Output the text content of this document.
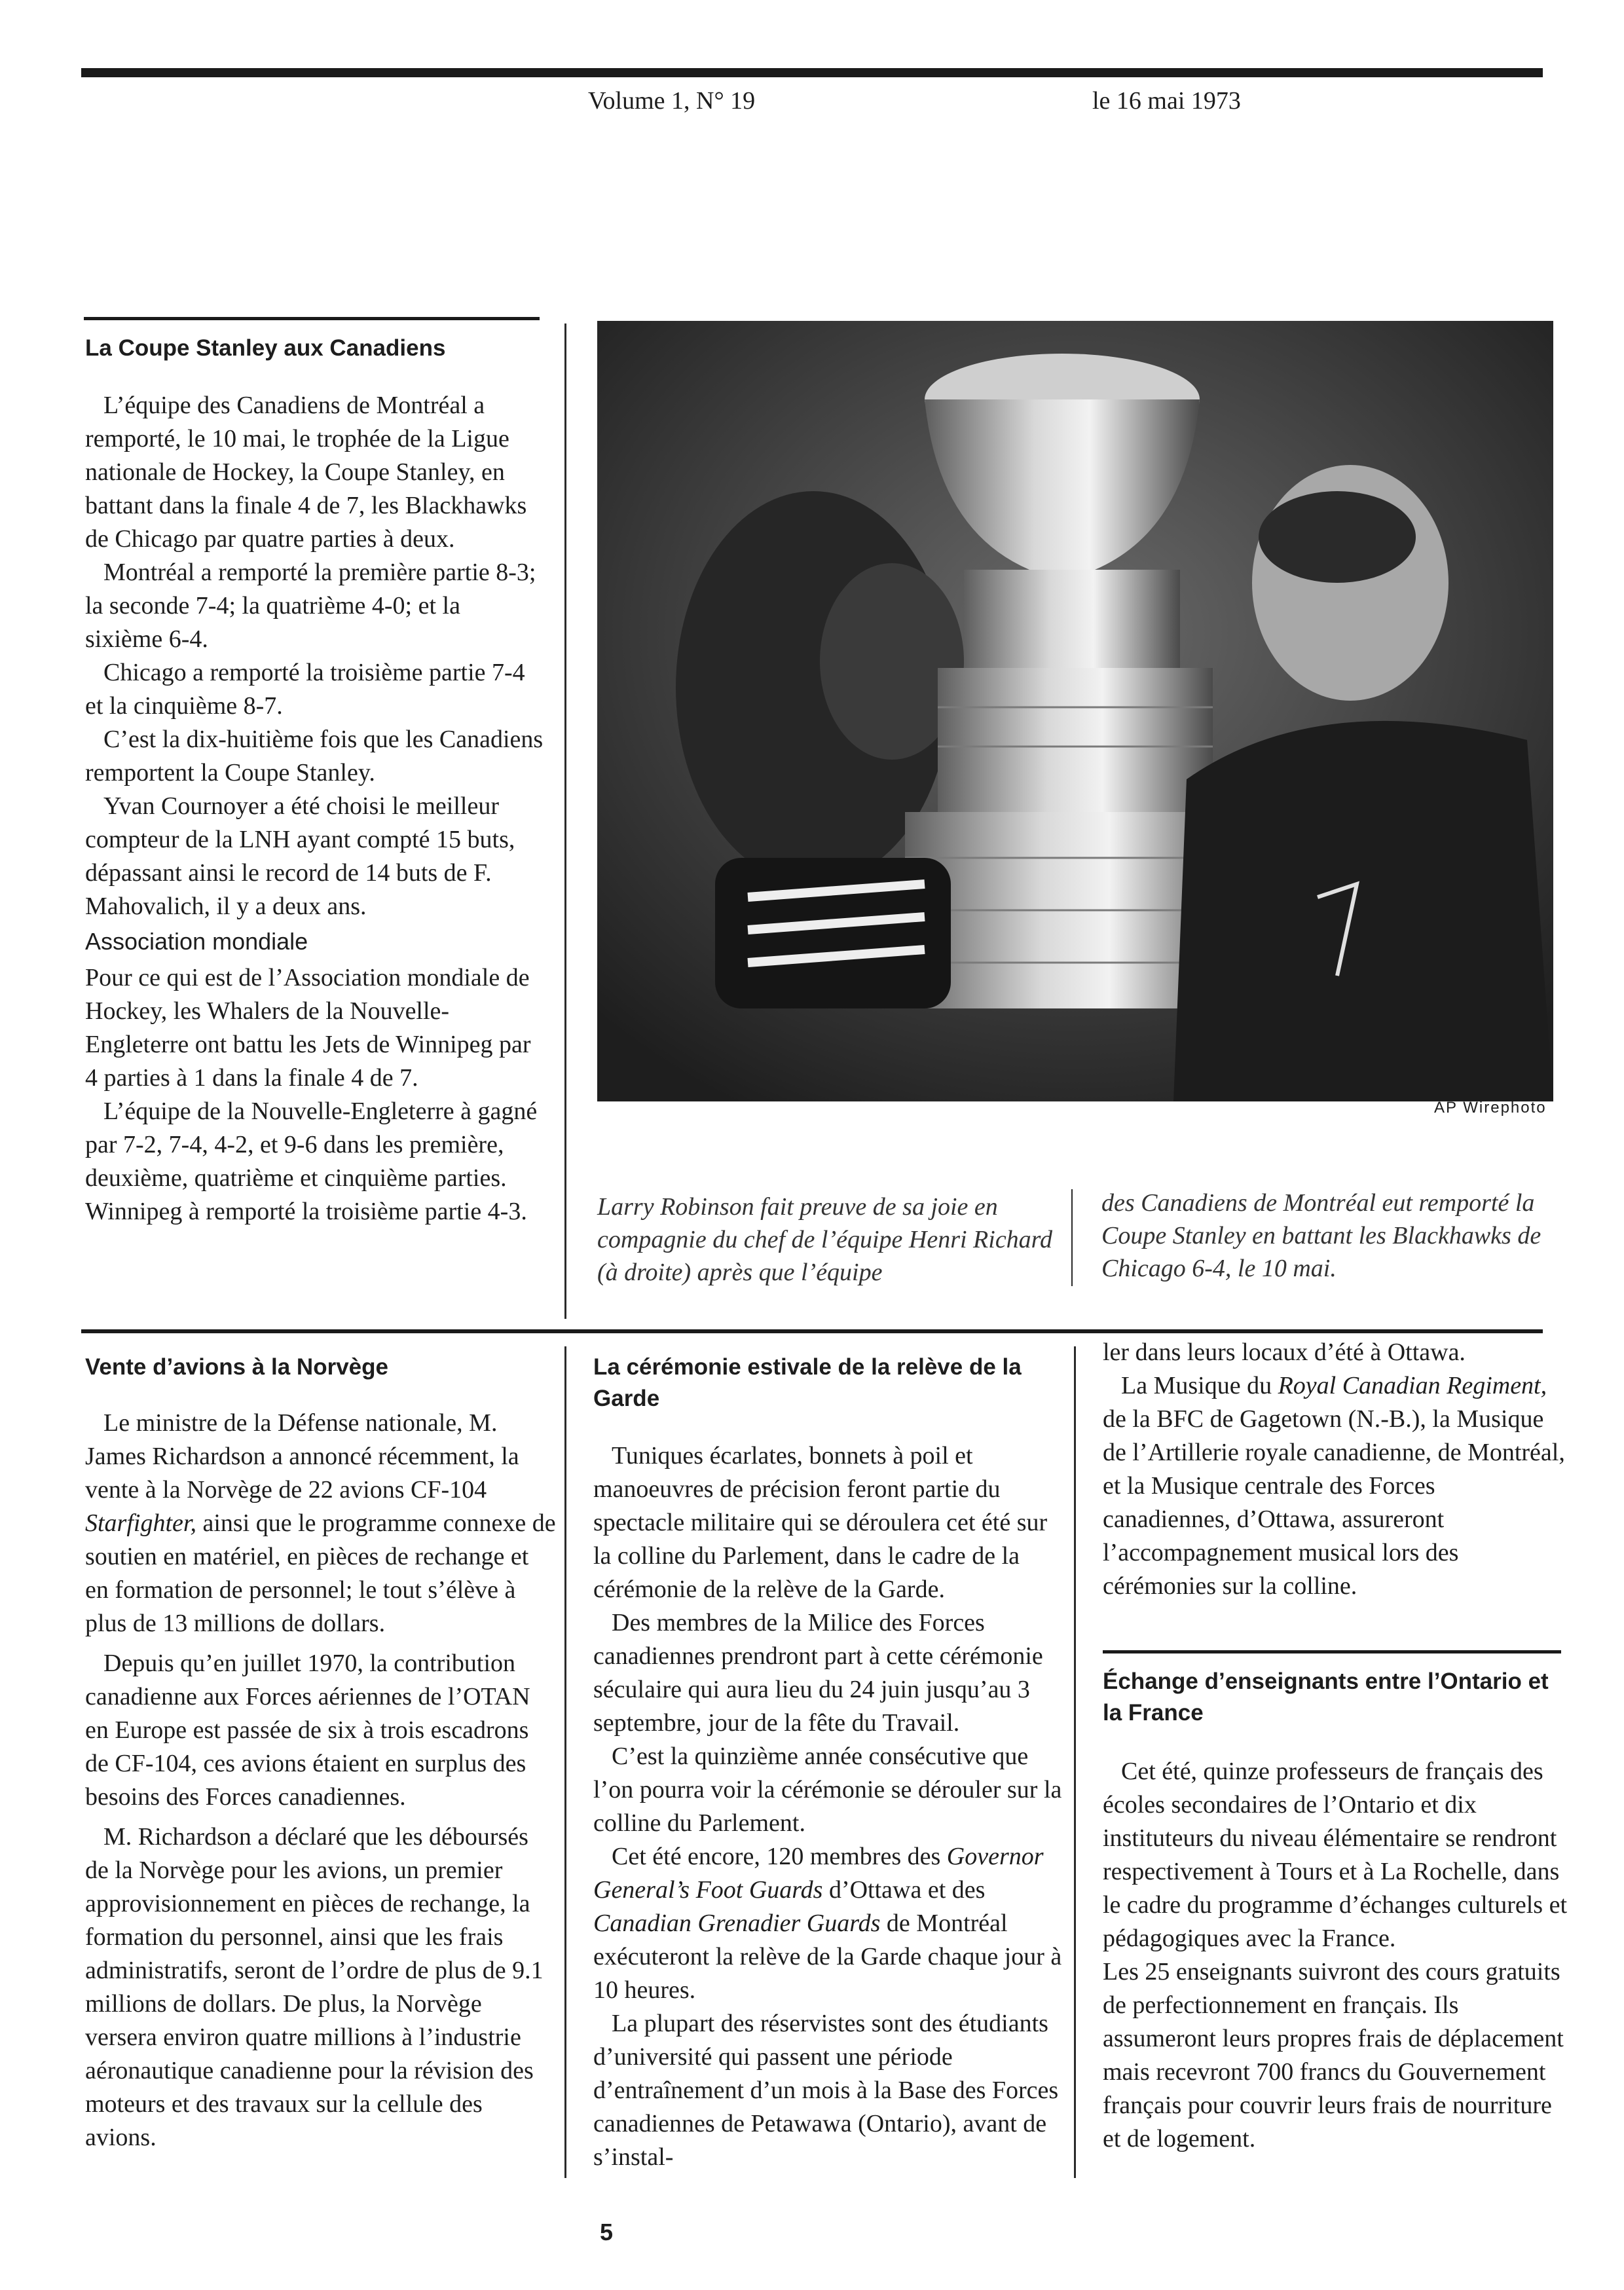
Volume 1, N° 19	le 16 mai 1973
La Coupe Stanley aux Canadiens

L’équipe des Canadiens de Montréal a remporté, le 10 mai, le trophée de la Ligue nationale de Hockey, la Coupe Stanley, en battant dans la finale 4 de 7, les Blackhawks de Chicago par quatre parties à deux.

Montréal a remporté la première partie 8-3; la seconde 7-4; la quatrième 4-0; et la sixième 6-4.

Chicago a remporté la troisième partie 7-4 et la cinquième 8-7.

C’est la dix-huitième fois que les Canadiens remportent la Coupe Stanley.

Yvan Cournoyer a été choisi le meilleur compteur de la LNH ayant compté 15 buts, dépassant ainsi le record de 14 buts de F. Mahovalich, il y a deux ans.

Association mondiale

Pour ce qui est de l’Association mondiale de Hockey, les Whalers de la Nouvelle-Engleterre ont battu les Jets de Winnipeg par 4 parties à 1 dans la finale 4 de 7.

L’équipe de la Nouvelle-Engleterre à gagné par 7-2, 7-4, 4-2, et 9-6 dans les première, deuxième, quatrième et cinquième parties. Winnipeg à remporté la troisième partie 4-3.

AP Wirephoto
Larry Robinson fait preuve de sa joie en compagnie du chef de l’équipe Henri Richard (à droite) après que l’équipe
des Canadiens de Montréal eut remporté la Coupe Stanley en battant les Blackhawks de Chicago 6-4, le 10 mai.
Vente d’avions à la Norvège

Le ministre de la Défense nationale, M. James Richardson a annoncé récemment, la vente à la Norvège de 22 avions CF-104 Starfighter, ainsi que le programme connexe de soutien en matériel, en pièces de rechange et en formation de personnel; le tout s’élève à plus de 13 millions de dollars.

Depuis qu’en juillet 1970, la contribution canadienne aux Forces aériennes de l’OTAN en Europe est passée de six à trois escadrons de CF-104, ces avions étaient en surplus des besoins des Forces canadiennes.

M. Richardson a déclaré que les déboursés de la Norvège pour les avions, un premier approvisionnement en pièces de rechange, la formation du personnel, ainsi que les frais administratifs, seront de l’ordre de plus de 9.1 millions de dollars. De plus, la Norvège versera environ quatre millions à l’industrie aéronautique canadienne pour la révision des moteurs et des travaux sur la cellule des avions.

La cérémonie estivale de la relève de la Garde

Tuniques écarlates, bonnets à poil et manoeuvres de précision feront partie du spectacle militaire qui se déroulera cet été sur la colline du Parlement, dans le cadre de la cérémonie de la relève de la Garde.

Des membres de la Milice des Forces canadiennes prendront part à cette cérémonie séculaire qui aura lieu du 24 juin jusqu’au 3 septembre, jour de la fête du Travail.

C’est la quinzième année consécutive que l’on pourra voir la cérémonie se dérouler sur la colline du Parlement.

Cet été encore, 120 membres des Governor General’s Foot Guards d’Ottawa et des Canadian Grenadier Guards de Montréal exécuteront la relève de la Garde chaque jour à 10 heures.

La plupart des réservistes sont des étudiants d’université qui passent une période d’entraînement d’un mois à la Base des Forces canadiennes de Petawawa (Ontario), avant de s’instal-

ler dans leurs locaux d’été à Ottawa.

La Musique du Royal Canadian Regiment, de la BFC de Gagetown (N.-B.), la Musique de l’Artillerie royale canadienne, de Montréal, et la Musique centrale des Forces canadiennes, d’Ottawa, assureront l’accompagnement musical lors des cérémonies sur la colline.

Échange d’enseignants entre l’Ontario et la France

Cet été, quinze professeurs de français des écoles secondaires de l’Ontario et dix instituteurs du niveau élémentaire se rendront respectivement à Tours et à La Rochelle, dans le cadre du programme d’échanges culturels et pédagogiques avec la France.

Les 25 enseignants suivront des cours gratuits de perfectionnement en français. Ils assumeront leurs propres frais de déplacement mais recevront 700 francs du Gouvernement français pour couvrir leurs frais de nourriture et de logement.

5
